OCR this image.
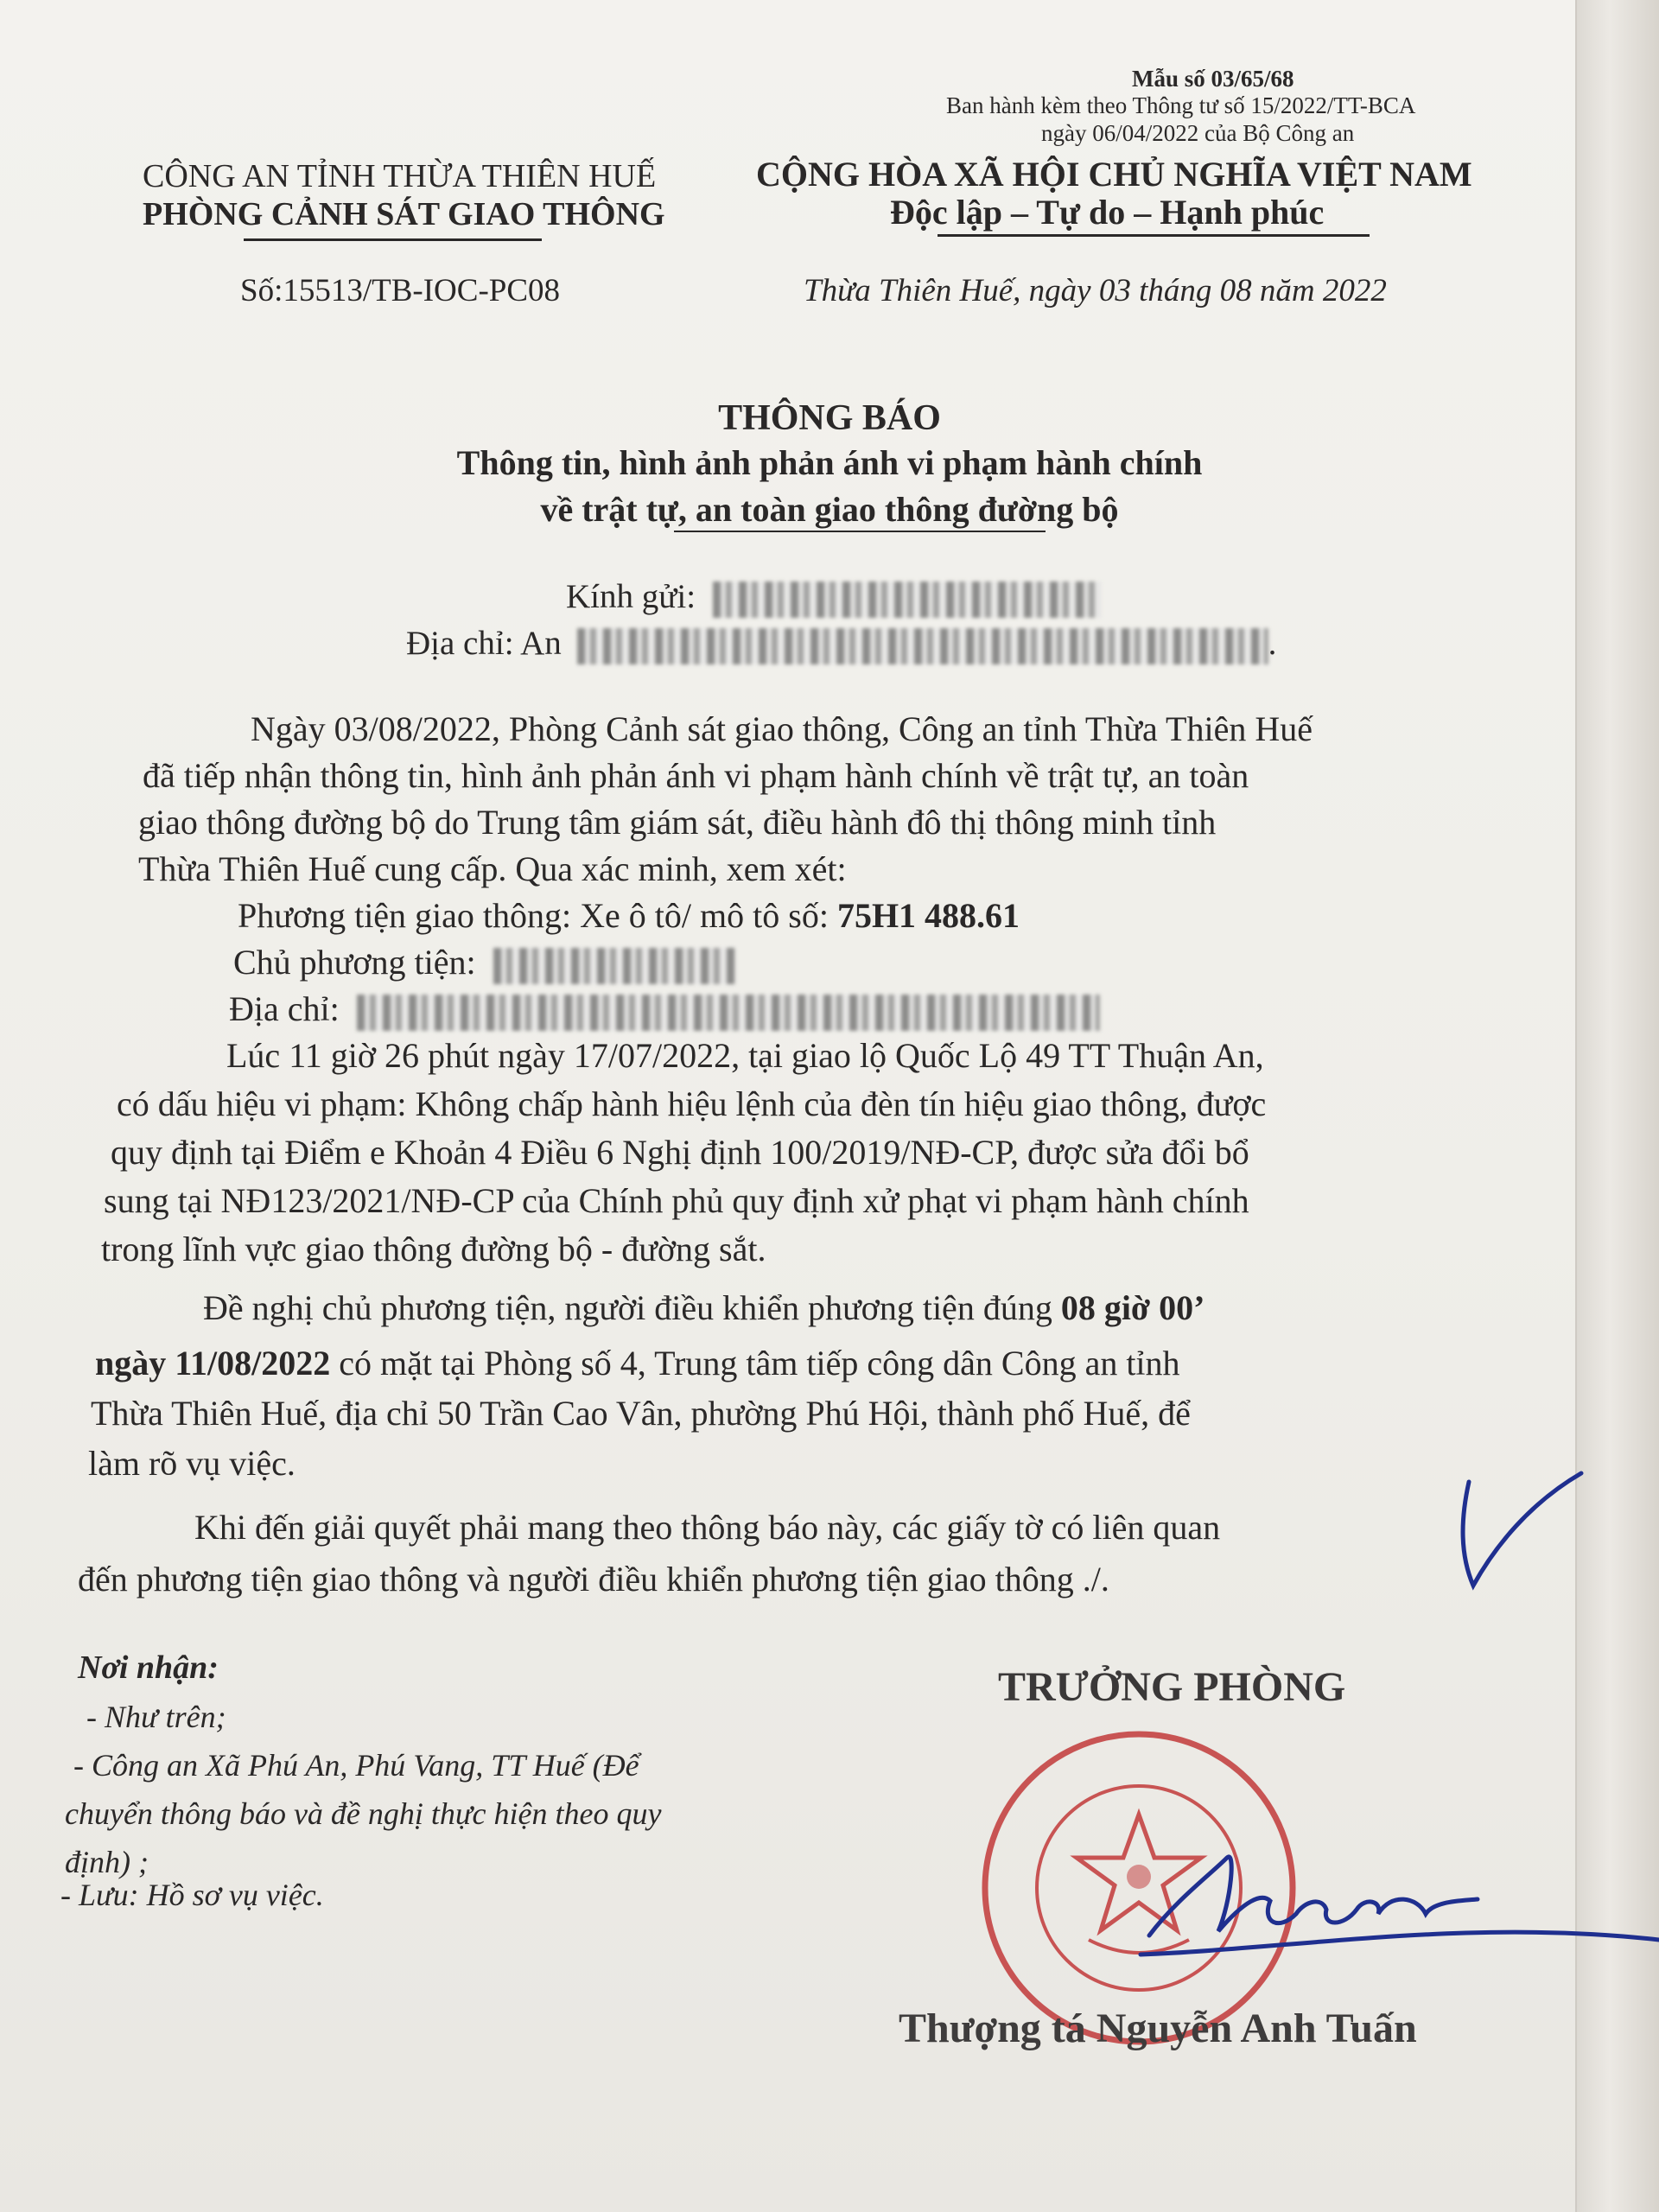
Mẫu số 03/65/68
Ban hành kèm theo Thông tư số 15/2022/TT-BCA
ngày 06/04/2022 của Bộ Công an
CÔNG AN TỈNH THỪA THIÊN HUẾ
PHÒNG CẢNH SÁT GIAO THÔNG
CỘNG HÒA XÃ HỘI CHỦ NGHĨA VIỆT NAM
Độc lập – Tự do – Hạnh phúc
Số:15513/TB-IOC-PC08	Thừa Thiên Huế, ngày 03 tháng 08 năm 2022
THÔNG BÁO
Thông tin, hình ảnh phản ánh vi phạm hành chính
về trật tự, an toàn giao thông đường bộ
Kính gửi:
Địa chỉ: An	.
Ngày 03/08/2022, Phòng Cảnh sát giao thông, Công an tỉnh Thừa Thiên Huế
đã tiếp nhận thông tin, hình ảnh phản ánh vi phạm hành chính về trật tự, an toàn
giao thông đường bộ do Trung tâm giám sát, điều hành đô thị thông minh tỉnh
Thừa Thiên Huế cung cấp. Qua xác minh, xem xét:
Phương tiện giao thông: Xe ô tô/ mô tô số: 75H1 488.61
Chủ phương tiện:
Địa chỉ:
Lúc 11 giờ 26 phút ngày 17/07/2022, tại giao lộ Quốc Lộ 49 TT Thuận An,
có dấu hiệu vi phạm: Không chấp hành hiệu lệnh của đèn tín hiệu giao thông, được
quy định tại Điểm e Khoản 4 Điều 6 Nghị định 100/2019/NĐ-CP, được sửa đổi bổ
sung tại NĐ123/2021/NĐ-CP của Chính phủ quy định xử phạt vi phạm hành chính
trong lĩnh vực giao thông đường bộ - đường sắt.
Đề nghị chủ phương tiện, người điều khiển phương tiện đúng 08 giờ 00’
ngày 11/08/2022 có mặt tại Phòng số 4, Trung tâm tiếp công dân Công an tỉnh
Thừa Thiên Huế, địa chỉ 50 Trần Cao Vân, phường Phú Hội, thành phố Huế, để
làm rõ vụ việc.
Khi đến giải quyết phải mang theo thông báo này, các giấy tờ có liên quan
đến phương tiện giao thông và người điều khiển phương tiện giao thông ./.
Nơi nhận:
- Như trên;
- Công an Xã Phú An, Phú Vang, TT Huế (Để
chuyển thông báo và đề nghị thực hiện theo quy
định) ;
- Lưu: Hồ sơ vụ việc.
TRƯỞNG PHÒNG
Thượng tá Nguyễn Anh Tuấn
